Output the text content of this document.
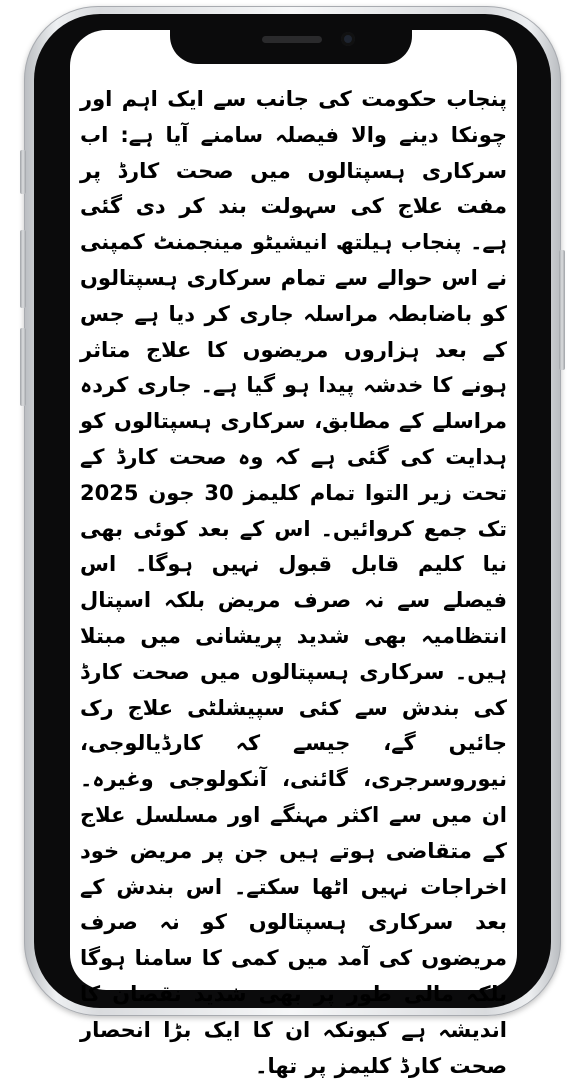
پنجاب حکومت کی جانب سے ایک اہم اور چونکا دینے والا فیصلہ سامنے آیا ہے: اب سرکاری ہسپتالوں میں صحت کارڈ پر مفت علاج کی سہولت بند کر دی گئی ہے۔ پنجاب ہیلتھ انیشیٹو مینجمنٹ کمپنی نے اس حوالے سے تمام سرکاری ہسپتالوں کو باضابطہ مراسلہ جاری کر دیا ہے جس کے بعد ہزاروں مریضوں کا علاج متاثر ہونے کا خدشہ پیدا ہو گیا ہے۔ جاری کردہ مراسلے کے مطابق، سرکاری ہسپتالوں کو ہدایت کی گئی ہے کہ وہ صحت کارڈ کے تحت زیر التوا تمام کلیمز 30 جون 2025 تک جمع کروائیں۔ اس کے بعد کوئی بھی نیا کلیم قابل قبول نہیں ہوگا۔ اس فیصلے سے نہ صرف مریض بلکہ اسپتال انتظامیہ بھی شدید پریشانی میں مبتلا ہیں۔ سرکاری ہسپتالوں میں صحت کارڈ کی بندش سے کئی سپیشلٹی علاج رک جائیں گے، جیسے کہ کارڈیالوجی، نیوروسرجری، گائنی، آنکولوجی وغیرہ۔ ان میں سے اکثر مہنگے اور مسلسل علاج کے متقاضی ہوتے ہیں جن پر مریض خود اخراجات نہیں اٹھا سکتے۔ اس بندش کے بعد سرکاری ہسپتالوں کو نہ صرف مریضوں کی آمد میں کمی کا سامنا ہوگا بلکہ مالی طور پر بھی شدید نقصان کا اندیشہ ہے کیونکہ ان کا ایک بڑا انحصار صحت کارڈ کلیمز پر تھا۔
